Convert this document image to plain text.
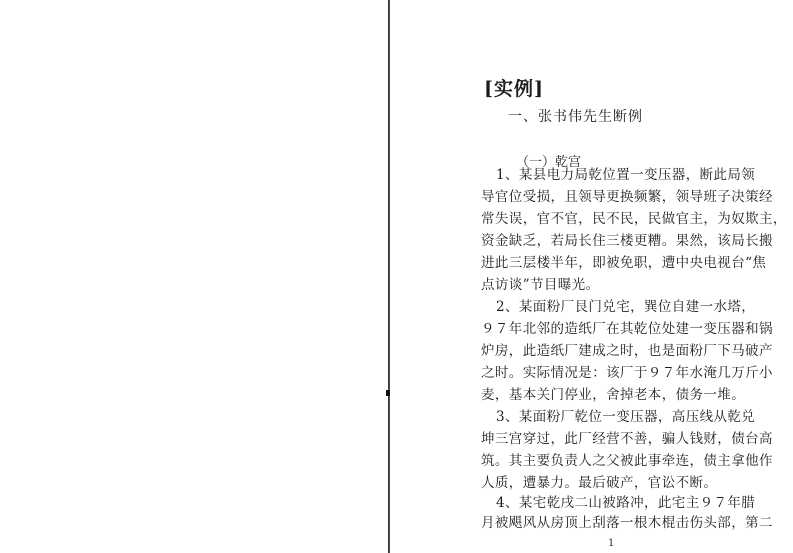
[实例]
一、张书伟先生断例
（一）乾宫
1、某县电力局乾位置一变压器，断此局领
导官位受损，且领导更换频繁，领导班子决策经
常失误，官不官，民不民，民做官主，为奴欺主，
资金缺乏，若局长住三楼更糟。果然，该局长搬
进此三层楼半年，即被免职，遭中央电视台“焦
点访谈”节目曝光。
2、某面粉厂艮门兑宅，巽位自建一水塔，
９７年北邻的造纸厂在其乾位处建一变压器和锅
炉房，此造纸厂建成之时，也是面粉厂下马破产
之时。实际情况是：该厂于９７年水淹几万斤小
麦，基本关门停业，舍掉老本，债务一堆。
3、某面粉厂乾位一变压器，高压线从乾兑
坤三宫穿过，此厂经营不善，骗人钱财，债台高
筑。其主要负责人之父被此事牵连，债主拿他作
人质，遭暴力。最后破产，官讼不断。
4、某宅乾戌二山被路冲，此宅主９７年腊
月被飓风从房顶上刮落一根木棍击伤头部，第二
1
